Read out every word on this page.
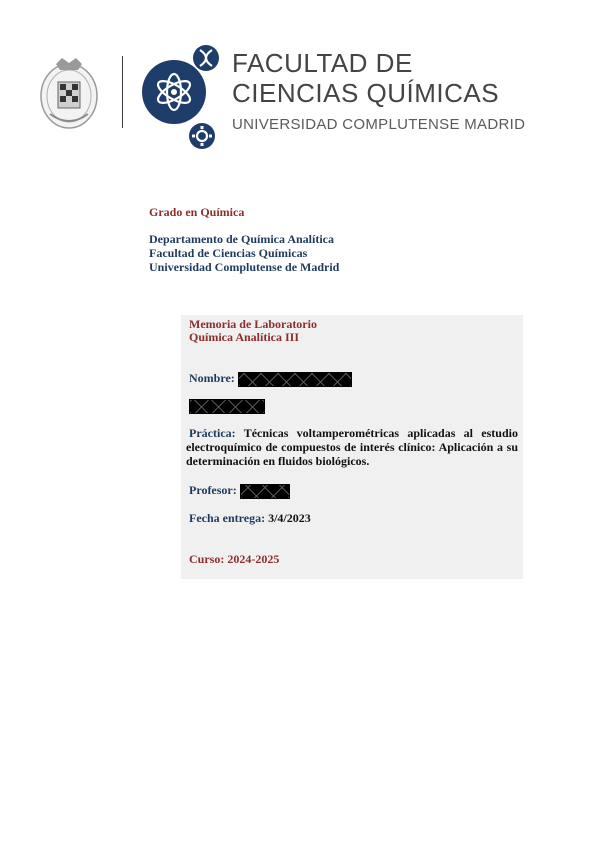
FACULTAD DE
CIENCIAS QUÍMICAS
UNIVERSIDAD COMPLUTENSE MADRID
Grado en Química
Departamento de Química Analítica
Facultad de Ciencias Químicas
Universidad Complutense de Madrid
Memoria de Laboratorio
Química Analítica III
Nombre:
Práctica: Técnicas voltamperométricas aplicadas al estudio electroquímico de compuestos de interés clínico: Aplicación a su determinación en fluidos biológicos.
Profesor:
Fecha entrega: 3/4/2023
Curso: 2024-2025
